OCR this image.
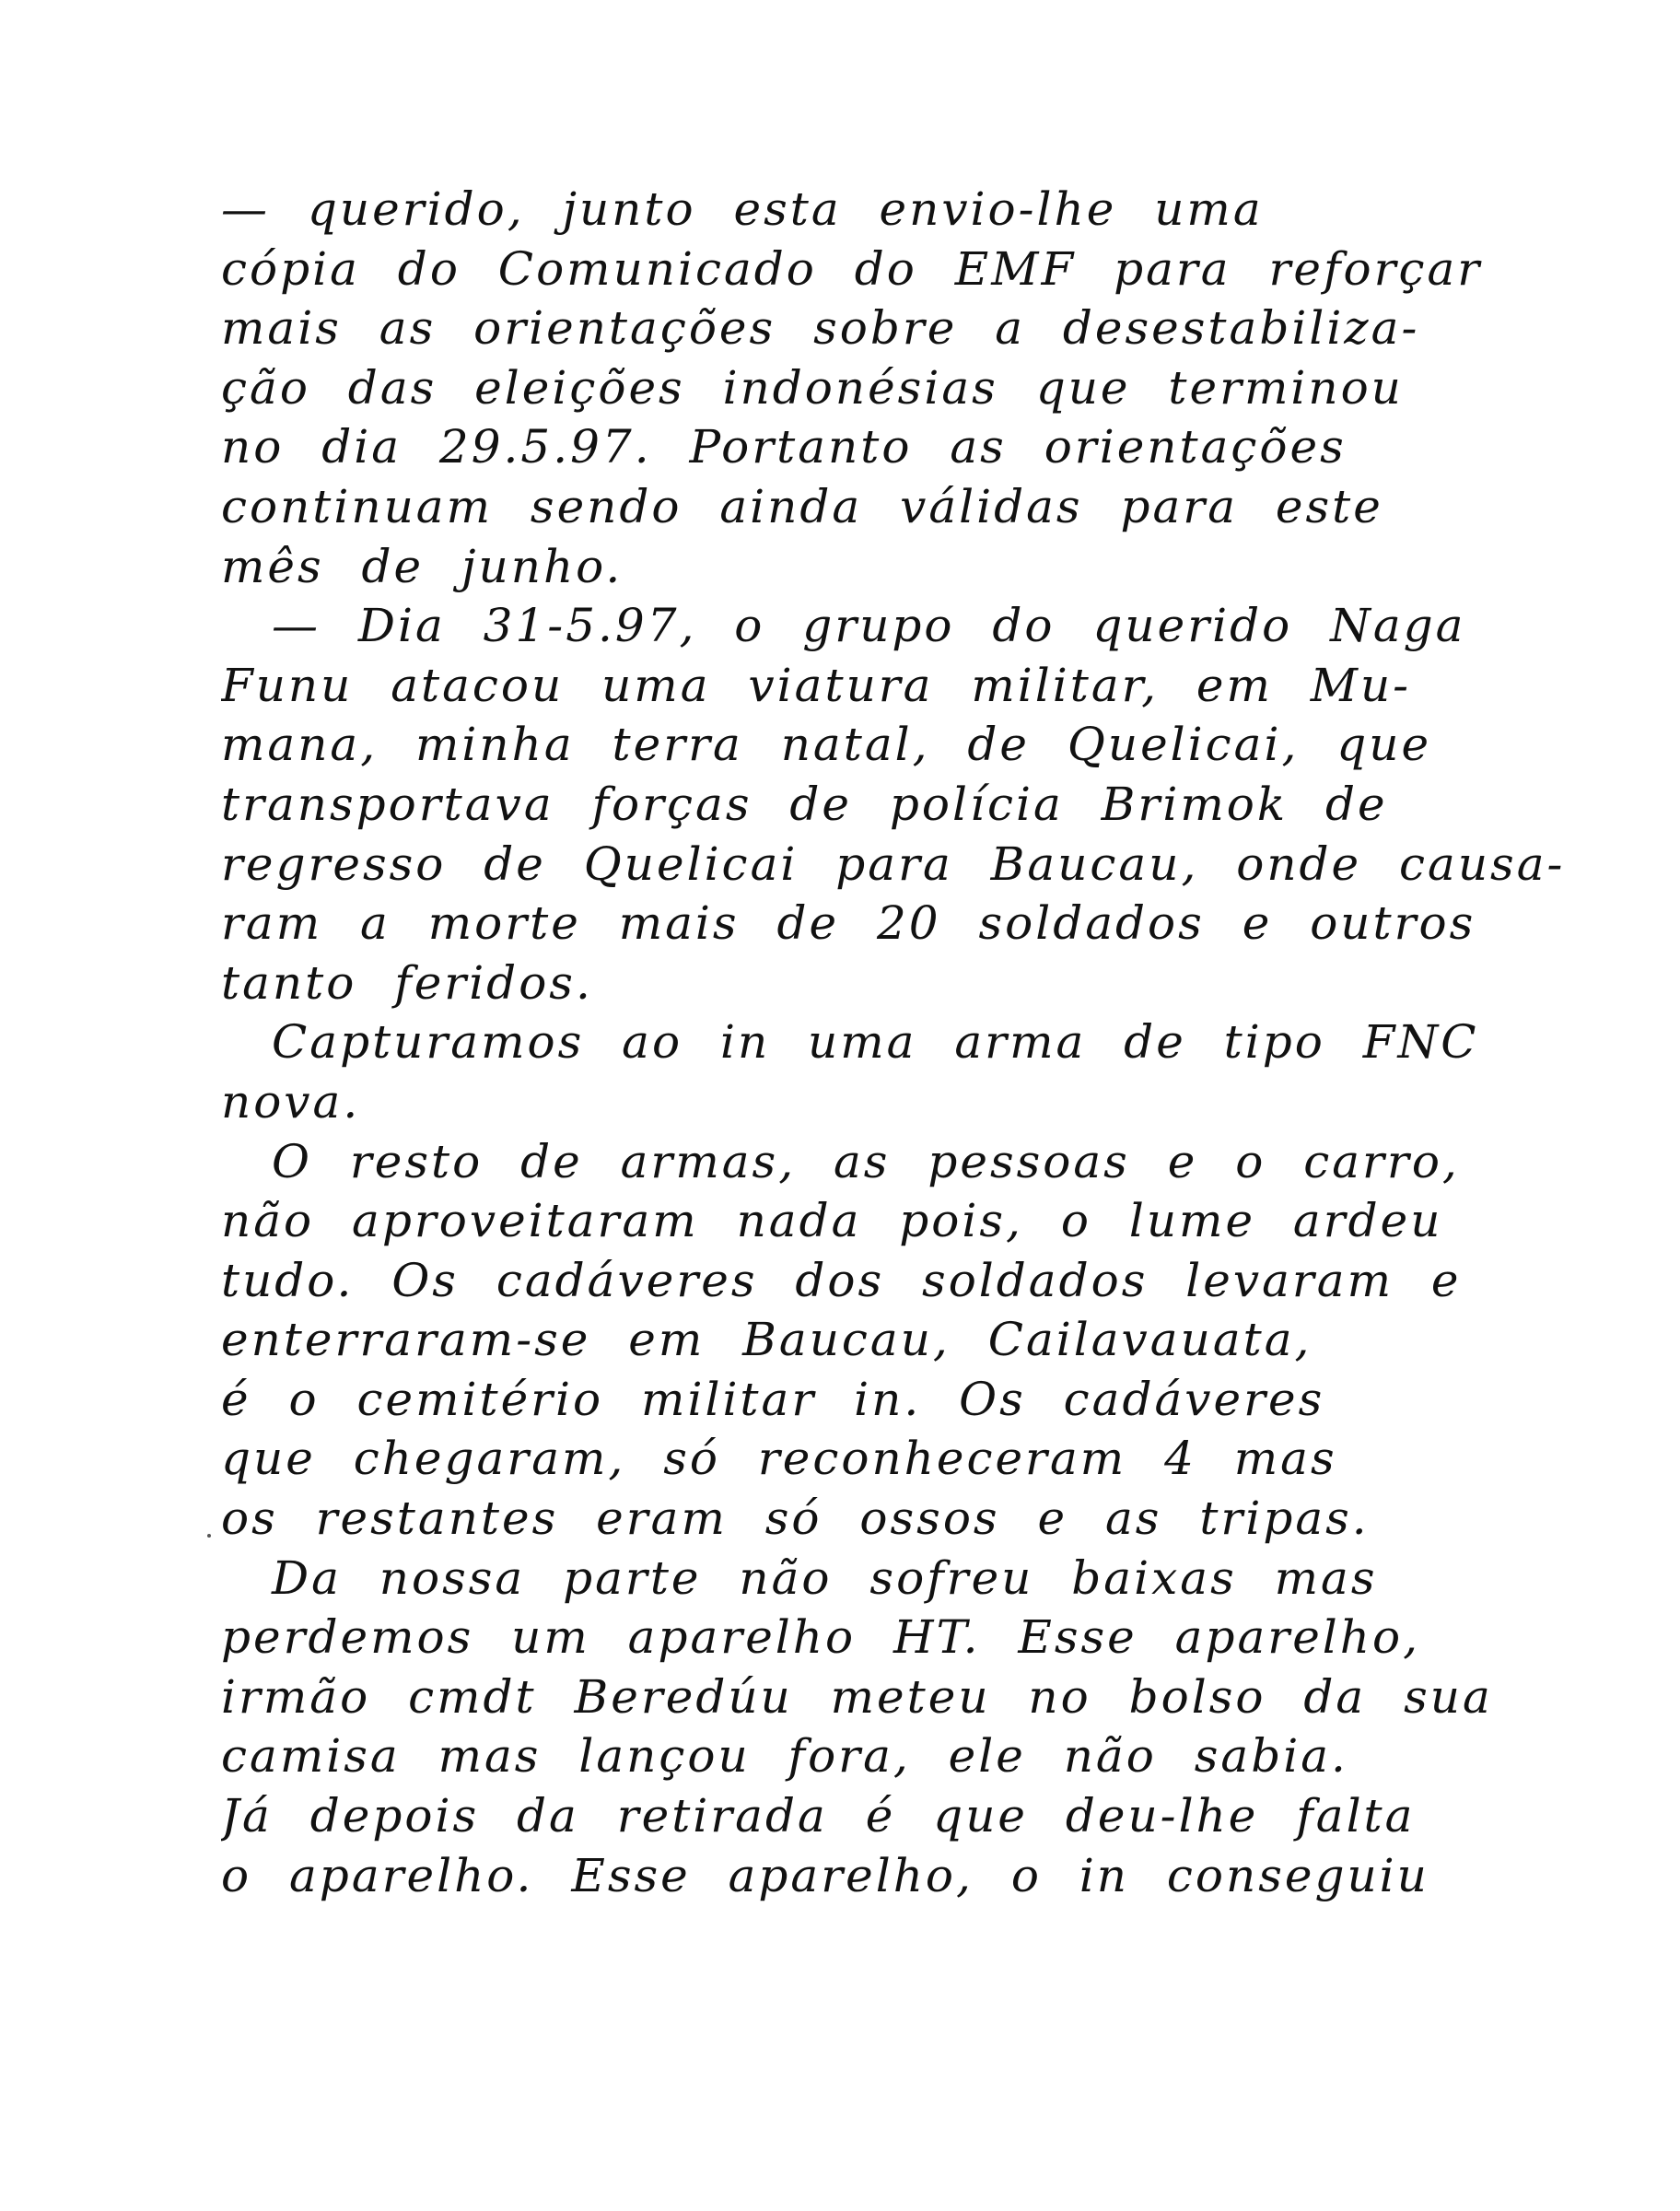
— querido, junto esta envio-lhe uma
cópia do Comunicado do EMF para reforçar
mais as orientações sobre a desestabiliza-
ção das eleições indonésias que terminou
no dia 29.5.97. Portanto as orientações
continuam sendo ainda válidas para este
mês de junho.
— Dia 31-5.97, o grupo do querido Naga
Funu atacou uma viatura militar, em Mu-
mana, minha terra natal, de Quelicai, que
transportava forças de polícia Brimok de
regresso de Quelicai para Baucau, onde causa-
ram a morte mais de 20 soldados e outros
tanto feridos.
Capturamos ao in uma arma de tipo FNC
nova.
O resto de armas, as pessoas e o carro,
não aproveitaram nada pois, o lume ardeu
tudo. Os cadáveres dos soldados levaram e
enterraram-se em Baucau, Cailavauata,
é o cemitério militar in. Os cadáveres
que chegaram, só reconheceram 4 mas
os restantes eram só ossos e as tripas.
Da nossa parte não sofreu baixas mas
perdemos um aparelho HT. Esse aparelho,
irmão cmdt Beredúu meteu no bolso da sua
camisa mas lançou fora, ele não sabia.
Já depois da retirada é que deu-lhe falta
o aparelho. Esse aparelho, o in conseguiu
